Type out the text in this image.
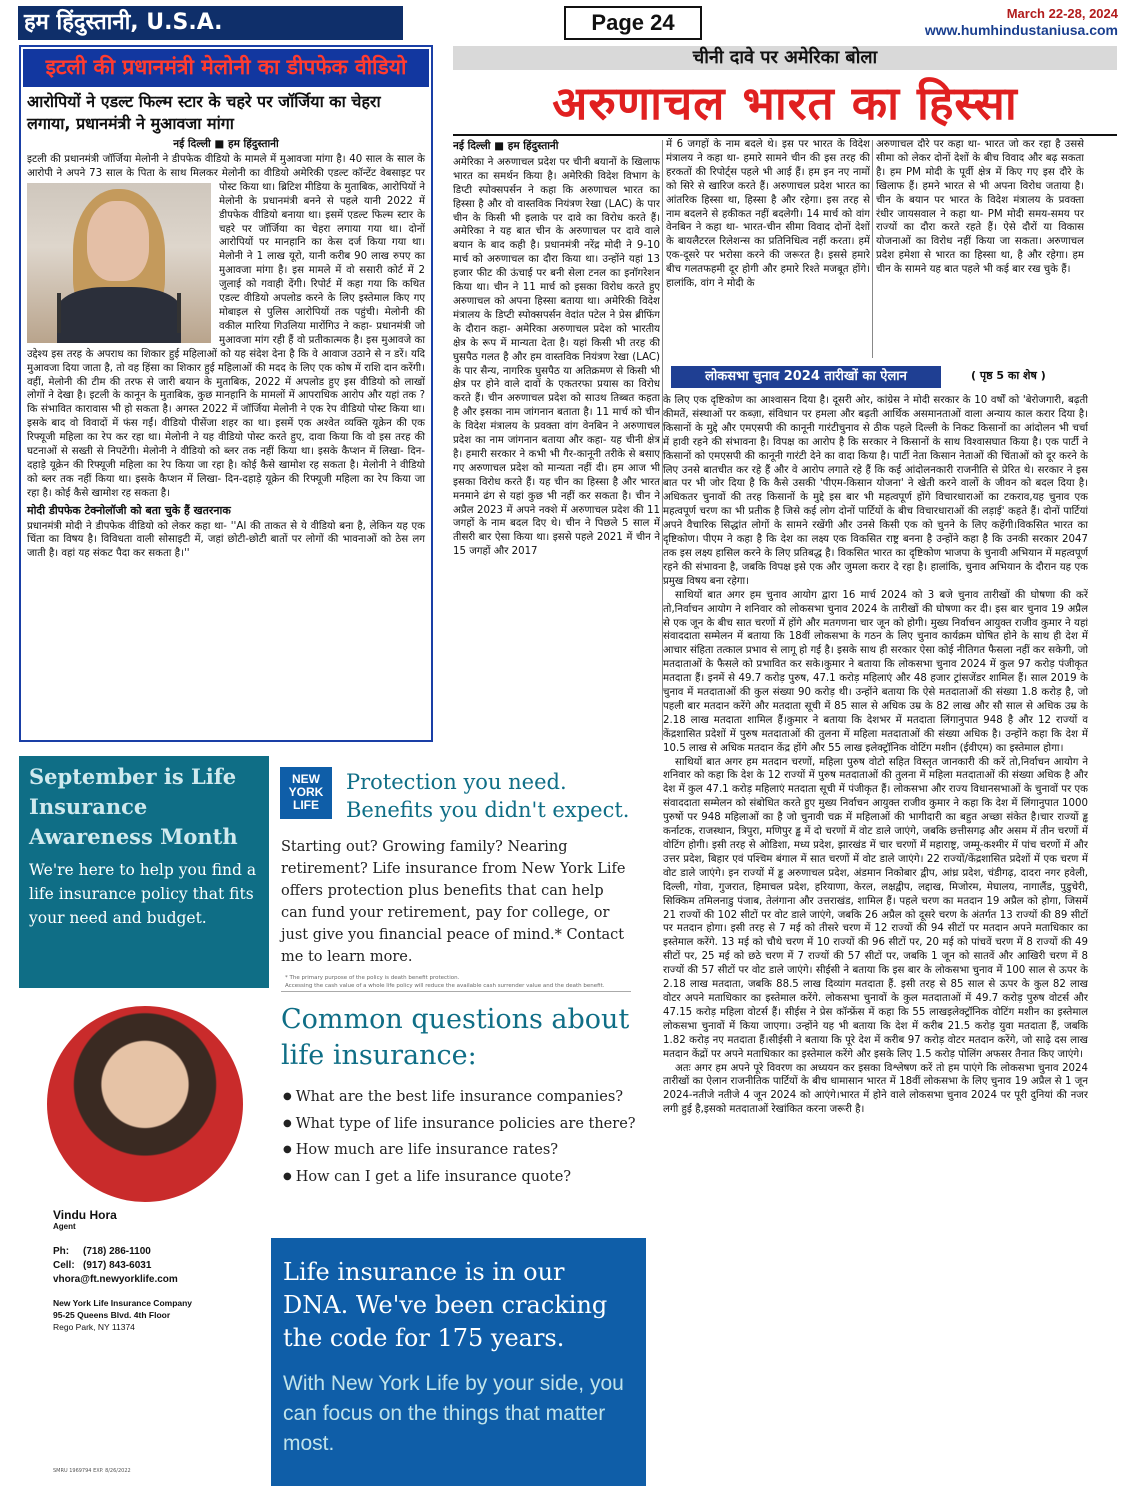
हम हिंदुस्तानी, U.S.A.	Page 24	March 22-28, 2024
www.humhindustaniusa.com
इटली की प्रधानमंत्री मेलोनी का डीपफेक वीडियो
आरोपियों ने एडल्ट फिल्म स्टार के चहरे पर जॉर्जिया का चेहरा लगाया, प्रधानमंत्री ने मुआवजा मांगा
नई दिल्ली ■ हम हिंदुस्तानी
इटली की प्रधानमंत्री जॉर्जिया मेलोनी ने डीपफेक वीडियो के मामले में मुआवजा मांगा है। 40 साल के साल के आरोपी ने अपने 73 साल के पिता के साथ मिलकर मेलोनी का वीडियो अमेरिकी एडल्ट कॉन्टेंट वेबसाइट पर पोस्ट किया था। ब्रिटिश मीडिया के मुताबिक, आरोपियों ने मेलोनी के प्रधानमंत्री बनने से पहले यानी 2022 में डीपफेक वीडियो बनाया था। इसमें एडल्ट फिल्म स्टार के चहरे पर जॉर्जिया का चेहरा लगाया गया था। दोनों आरोपियों पर मानहानि का केस दर्ज किया गया था। मेलोनी ने 1 लाख यूरो, यानी करीब 90 लाख रुपए का मुआवजा मांगा है। इस मामले में वो ससारी कोर्ट में 2 जुलाई को गवाही देंगी। रिपोर्ट में कहा गया कि कथित एडल्ट वीडियो अपलोड करने के लिए इस्तेमाल किए गए मोबाइल से पुलिस आरोपियों तक पहुंची। मेलोनी की वकील मारिया गिउलिया मारोंगिउ ने कहा- प्रधानमंत्री जो मुआवजा मांग रही हैं वो प्रतीकात्मक है। इस मुआवजे का उद्देश्य इस तरह के अपराध का शिकार हुई महिलाओं को यह संदेश देना है कि वे आवाज उठाने से न डरें। यदि मुआवजा दिया जाता है, तो वह हिंसा का शिकार हुई महिलाओं की मदद के लिए एक कोष में राशि दान करेंगी। वहीं, मेलोनी की टीम की तरफ से जारी बयान के मुताबिक, 2022 में अपलोड हुए इस वीडियो को लाखों लोगों ने देखा है। इटली के कानून के मुताबिक, कुछ मानहानि के मामलों में आपराधिक आरोप और यहां तक ? कि संभावित कारावास भी हो सकता है। अगस्त 2022 में जॉर्जिया मेलोनी ने एक रेप वीडियो पोस्ट किया था। इसके बाद वो विवादों में फंस गईं। वीडियो पीसेंजा शहर का था। इसमें एक अश्वेत व्यक्ति यूक्रेन की एक रिफ्यूजी महिला का रेप कर रहा था। मेलोनी ने यह वीडियो पोस्ट करते हुए, दावा किया कि वो इस तरह की घटनाओं से सख्ती से निपटेंगी। मेलोनी ने वीडियो को ब्लर तक नहीं किया था। इसके कैप्शन में लिखा- दिन-दहाड़े यूक्रेन की रिफ्यूजी महिला का रेप किया जा रहा है। कोई कैसे खामोश रह सकता है। मेलोनी ने वीडियो को ब्लर तक नहीं किया था। इसके कैप्शन में लिखा- दिन-दहाड़े यूक्रेन की रिफ्यूजी महिला का रेप किया जा रहा है। कोई कैसे खामोश रह सकता है।
मोदी डीपफेक टेक्नोलॉजी को बता चुके हैं खतरनाक
प्रधानमंत्री मोदी ने डीपफेक वीडियो को लेकर कहा था- ''AI की ताकत से ये वीडियो बना है, लेकिन यह एक चिंता का विषय है। विविधता वाली सोसाइटी में, जहां छोटी-छोटी बातों पर लोगों की भावनाओं को ठेस लग जाती है। वहां यह संकट पैदा कर सकता है।''
चीनी दावे पर अमेरिका बोला
अरुणाचल भारत का हिस्सा
नई दिल्ली ■ हम हिंदुस्तानी
अमेरिका ने अरुणाचल प्रदेश पर चीनी बयानों के खिलाफ भारत का समर्थन किया है। अमेरिकी विदेश विभाग के डिप्टी स्पोक्सपर्सन ने कहा कि अरुणाचल भारत का हिस्सा है और वो वास्तविक नियंत्रण रेखा (LAC) के पार चीन के किसी भी इलाके पर दावे का विरोध करते हैं। अमेरिका ने यह बात चीन के अरुणाचल पर दावे वाले बयान के बाद कही है। प्रधानमंत्री नरेंद्र मोदी ने 9-10 मार्च को अरुणाचल का दौरा किया था। उन्होंने यहां 13 हजार फीट की ऊंचाई पर बनी सेला टनल का इनॉगरेशन किया था। चीन ने 11 मार्च को इसका विरोध करते हुए अरुणाचल को अपना हिस्सा बताया था। अमेरिकी विदेश मंत्रालय के डिप्टी स्पोक्सपर्सन वेदांत पटेल ने प्रेस ब्रीफिंग के दौरान कहा- अमेरिका अरुणाचल प्रदेश को भारतीय क्षेत्र के रूप में मान्यता देता है। यहां किसी भी तरह की घुसपैठ गलत है और हम वास्तविक नियंत्रण रेखा (LAC) के पार सैन्य, नागरिक घुसपैठ या अतिक्रमण से किसी भी क्षेत्र पर होने वाले दावों के एकतरफा प्रयास का विरोध करते हैं। चीन अरुणाचल प्रदेश को साउथ तिब्बत कहता है और इसका नाम जांगनान बताता है। 11 मार्च को चीन के विदेश मंत्रालय के प्रवक्ता वांग वेनबिन ने अरुणाचल प्रदेश का नाम जांगनान बताया और कहा- यह चीनी क्षेत्र है। हमारी सरकार ने कभी भी गैर-कानूनी तरीके से बसाए गए अरुणाचल प्रदेश को मान्यता नहीं दी। हम आज भी इसका विरोध करते हैं। यह चीन का हिस्सा है और भारत मनमाने ढंग से यहां कुछ भी नहीं कर सकता है। चीन ने अप्रैल 2023 में अपने नक्शे में अरुणाचल प्रदेश की 11 जगहों के नाम बदल दिए थे। चीन ने पिछले 5 साल में तीसरी बार ऐसा किया था। इससे पहले 2021 में चीन ने 15 जगहों और 2017
में 6 जगहों के नाम बदले थे। इस पर भारत के विदेश मंत्रालय ने कहा था- हमारे सामने चीन की इस तरह की हरकतों की रिपोर्ट्स पहले भी आई हैं। हम इन नए नामों को सिरे से खारिज करते हैं। अरुणाचल प्रदेश भारत का आंतरिक हिस्सा था, हिस्सा है और रहेगा। इस तरह से नाम बदलने से हकीकत नहीं बदलेगी। 14 मार्च को वांग वेनबिन ने कहा था- भारत-चीन सीमा विवाद दोनों देशों के बायलैटरल रिलेशन्स का प्रतिनिधित्व नहीं करता। हमें एक-दूसरे पर भरोसा करने की जरूरत है। इससे हमारे बीच गलतफहमी दूर होगी और हमारे रिश्ते मजबूत होंगे। हालांकि, वांग ने मोदी के
अरुणाचल दौरे पर कहा था- भारत जो कर रहा है उससे सीमा को लेकर दोनों देशों के बीच विवाद और बढ़ सकता है। हम PM मोदी के पूर्वी क्षेत्र में किए गए इस दौरे के खिलाफ हैं। हमने भारत से भी अपना विरोध जताया है। चीन के बयान पर भारत के विदेश मंत्रालय के प्रवक्ता रंधीर जायसवाल ने कहा था- PM मोदी समय-समय पर राज्यों का दौरा करते रहते हैं। ऐसे दौरों या विकास योजनाओं का विरोध नहीं किया जा सकता। अरुणाचल प्रदेश हमेशा से भारत का हिस्सा था, है और रहेगा। हम चीन के सामने यह बात पहले भी कई बार रख चुके हैं।
लोकसभा चुनाव 2024 तारीखों का ऐलान	( पृष्ठ 5 का शेष )

के लिए एक दृष्टिकोण का आश्वासन दिया है। दूसरी ओर, कांग्रेस ने मोदी सरकार के 10 वर्षों को 'बेरोजगारी, बढ़ती कीमतें, संस्थाओं पर कब्ज़ा, संविधान पर हमला और बढ़ती आर्थिक असमानताओं वाला अन्याय काल करार दिया है।किसानों के मुद्दे और एमएसपी की कानूनी गारंटीचुनाव से ठीक पहले दिल्ली के निकट किसानों का आंदोलन भी चर्चा में हावी रहने की संभावना है। विपक्ष का आरोप है कि सरकार ने किसानों के साथ विश्वासघात किया है। एक पार्टी ने किसानों को एमएसपी की कानूनी गारंटी देने का वादा किया है। पार्टी नेता किसान नेताओं की चिंताओं को दूर करने के लिए उनसे बातचीत कर रहे हैं और वे आरोप लगाते रहे हैं कि कई आंदोलनकारी राजनीति से प्रेरित थे। सरकार ने इस बात पर भी जोर दिया है कि कैसे उसकी 'पीएम-किसान योजना' ने खेती करने वालों के जीवन को बदल दिया है। अधिकतर चुनावों की तरह किसानों के मुद्दे इस बार भी महत्वपूर्ण होंगे विचारधाराओं का टकराव,यह चुनाव एक महत्वपूर्ण चरण का भी प्रतीक है जिसे कई लोग दोनों पार्टियों के बीच विचारधाराओं की लड़ाई' कहते हैं। दोनों पार्टियां अपने वैचारिक सिद्धांत लोगों के सामने रखेंगी और उनसे किसी एक को चुनने के लिए कहेंगी।विकसित भारत का दृष्टिकोण। पीएम ने कहा है कि देश का लक्ष्य एक विकसित राष्ट्र बनना है उन्होंने कहा है कि उनकी सरकार 2047 तक इस लक्ष्य हासिल करने के लिए प्रतिबद्ध है। विकसित भारत का दृष्टिकोण भाजपा के चुनावी अभियान में महत्वपूर्ण रहने की संभावना है, जबकि विपक्ष इसे एक और जुमला करार दे रहा है। हालांकि, चुनाव अभियान के दौरान यह एक प्रमुख विषय बना रहेगा।

साथियों बात अगर हम चुनाव आयोग द्वारा 16 मार्च 2024 को 3 बजे चुनाव तारीखों की घोषणा की करें तो,निर्वाचन आयोग ने शनिवार को लोकसभा चुनाव 2024 के तारीखों की घोषणा कर दी। इस बार चुनाव 19 अप्रैल से एक जून के बीच सात चरणों में होंगे और मतगणना चार जून को होगी। मुख्य निर्वाचन आयुक्त राजीव कुमार ने यहां संवाददाता सम्मेलन में बताया कि 18वीं लोकसभा के गठन के लिए चुनाव कार्यक्रम घोषित होने के साथ ही देश में आचार संहिता तत्काल प्रभाव से लागू हो गई है। इसके साथ ही सरकार ऐसा कोई नीतिगत फैसला नहीं कर सकेगी, जो मतदाताओं के फैसले को प्रभावित कर सके।कुमार ने बताया कि लोकसभा चुनाव 2024 में कुल 97 करोड़ पंजीकृत मतदाता हैं। इनमें से 49.7 करोड़ पुरुष, 47.1 करोड़ महिलाएं और 48 हजार ट्रांसजेंडर शामिल हैं। साल 2019 के चुनाव में मतदाताओं की कुल संख्या 90 करोड़ थी। उन्होंने बताया कि ऐसे मतदाताओं की संख्या 1.8 करोड़ है, जो पहली बार मतदान करेंगे और मतदाता सूची में 85 साल से अधिक उम्र के 82 लाख और सौ साल से अधिक उम्र के 2.18 लाख मतदाता शामिल हैं।कुमार ने बताया कि देशभर में मतदाता लिंगानुपात 948 है और 12 राज्यों व केंद्रशासित प्रदेशों में पुरुष मतदाताओं की तुलना में महिला मतदाताओं की संख्या अधिक है। उन्होंने कहा कि देश में 10.5 लाख से अधिक मतदान केंद्र होंगे और 55 लाख इलेक्ट्रॉनिक वोटिंग मशीन (ईवीएम) का इस्तेमाल होगा।

साथियों बात अगर हम मतदान चरणों, महिला पुरुष वोटो सहित विस्तृत जानकारी की करें तो,निर्वाचन आयोग ने शनिवार को कहा कि देश के 12 राज्यों में पुरुष मतदाताओं की तुलना में महिला मतदाताओं की संख्या अधिक है और देश में कुल 47.1 करोड़ महिलाएं मतदाता सूची में पंजीकृत हैं। लोकसभा और राज्य विधानसभाओं के चुनावों पर एक संवाददाता सम्मेलन को संबोधित करते हुए मुख्य निर्वाचन आयुक्त राजीव कुमार ने कहा कि देश में लिंगानुपात 1000 पुरुषों पर 948 महिलाओं का है जो चुनावी चक्र में महिलाओं की भागीदारी का बहुत अच्छा संकेत है।चार राज्यों ड्ढ कर्नाटक, राजस्थान, त्रिपुरा, मणिपुर ड्ढ में दो चरणों में वोट डाले जाएंगे, जबकि छत्तीसगढ़ और असम में तीन चरणों में वोटिंग होगी। इसी तरह से ओडिशा, मध्य प्रदेश, झारखंड में चार चरणों मेंं महाराष्ट्र, जम्मू-कश्मीर में पांच चरणों में और उत्तर प्रदेश, बिहार एवं पश्चिम बंगाल में सात चरणों में वोट डाले जाएंगे। 22 राज्यों/केंद्रशासित प्रदेशों में एक चरण में वोट डाले जाएंगे। इन राज्यों में ड्ढ अरुणाचल प्रदेश, अंडमान निकोबार द्वीप, आंध्र प्रदेश, चंडीगढ़, दादरा नगर हवेली, दिल्ली, गोवा, गुजरात, हिमाचल प्रदेश, हरियाणा, केरल, लक्षद्वीप, लद्दाख, मिजोरम, मेघालय, नागालैंड, पुडुचेरी, सिक्किम तमिलनाडु पंजाब, तेलंगाना और उत्तराखंड, शामिल हैं। पहले चरण का मतदान 19 अप्रैल को होगा, जिसमें 21 राज्यों की 102 सीटों पर वोट डाले जाएंगे, जबकि 26 अप्रैल को दूसरे चरण के अंतर्गत 13 राज्यों की 89 सीटों पर मतदान होगा। इसी तरह से 7 मई को तीसरे चरण में 12 राज्यों की 94 सीटों पर मतदान अपने मताधिकार का इस्तेमाल करेंगे. 13 मई को चौथे चरण में 10 राज्यों की 96 सीटों पर, 20 मई को पांचवें चरण में 8 राज्यों की 49 सीटों पर, 25 मई को छठे चरण में 7 राज्यों की 57 सीटों पर, जबकि 1 जून को सातवें और आखिरी चरण में 8 राज्यों की 57 सीटों पर वोट डाले जाएंगे। सीईसी ने बताया कि इस बार के लोकसभा चुनाव में 100 साल से ऊपर के 2.18 लाख मतदाता, जबकि 88.5 लाख दिव्यांग मतदाता हैं. इसी तरह से 85 साल से ऊपर के कुल 82 लाख वोटर अपने मताधिकार का इस्तेमाल करेंगे. लोकसभा चुनावों के कुल मतदाताओं में 49.7 करोड़ पुरुष वोटर्स और 47.15 करोड़ महिला वोटर्स हैं। सीईस ने प्रेस कॉन्फ्रेंस में कहा कि 55 लाखइलेक्ट्रॉनिक वोटिंग मशीन का इस्तेमाल लोकसभा चुनावों में किया जाएगा। उन्होंने यह भी बताया कि देश में करीब 21.5 करोड़ युवा मतदाता हैं, जबकि 1.82 करोड़ नए मतदाता हैं।सीईसी ने बताया कि पूरे देश में करीब 97 करोड़ वोटर मतदान करेंगे, जो साढ़े दस लाख मतदान केंद्रों पर अपने मताधिकार का इस्तेमाल करेंगे और इसके लिए 1.5 करोड़ पोलिंग अफसर तैनात किए जाएंगे।

अतः अगर हम अपने पूरे विवरण का अध्ययन कर इसका विश्लेषण करें तो हम पाएंगे कि लोकसभा चुनाव 2024 तारीखों का ऐलान राजनीतिक पार्टियों के बीच धामासान भारत में 18वीं लोकसभा के लिए चुनाव 19 अप्रैल से 1 जून 2024-नतीजे नतीजे 4 जून 2024 को आएंगे।भारत में होने वाले लोकसभा चुनाव 2024 पर पूरी दुनियां की नजर लगी हुई है,इसको मतदाताओं रेखांकित करना जरूरी है।

September is Life Insurance Awareness Month

We're here to help you find a life insurance policy that fits your need and budget.

Vindu Hora
Agent
Ph: (718) 286-1100
Cell: (917) 843-6031
vhora@ft.newyorklife.com
New York Life Insurance Company
95-25 Queens Blvd. 4th Floor
Rego Park, NY 11374
SMRU 1969794 EXP. 8/26/2022
NEW
YORK
LIFE
Protection you need.
Benefits you didn't expect.
Starting out? Growing family? Nearing retirement? Life insurance from New York Life offers protection plus benefits that can help can fund your retirement, pay for college, or just give you financial peace of mind.* Contact me to learn more.
* The primary purpose of the policy is death benefit protection.
Accessing the cash value of a whole life policy will reduce the available cash surrender value and the death benefit.
Common questions about life insurance:
● What are the best life insurance companies?
● What type of life insurance policies are there?
● How much are life insurance rates?
● How can I get a life insurance quote?
Life insurance is in our DNA. We've been cracking the code for 175 years.
With New York Life by your side, you can focus on the things that matter most.
